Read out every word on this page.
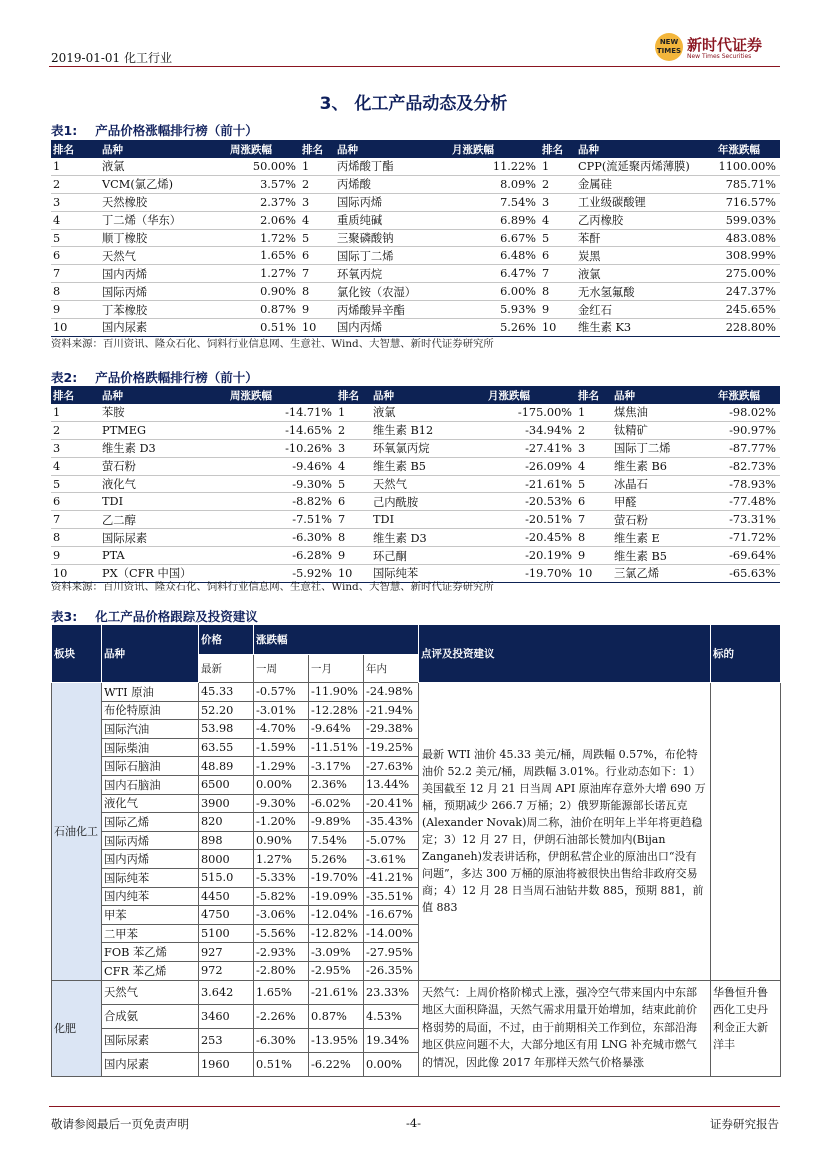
2019-01-01 化工行业
NEW TIMES 新时代证券
New Times Securities
3、 化工产品动态及分析
表1: 产品价格涨幅排行榜（前十）
排名	品种	周涨跌幅	排名	品种	月涨跌幅	排名	品种	年涨跌幅
1	液氯	50.00%	1	丙烯酸丁酯	11.22%	1	CPP(流延聚丙烯薄膜)	1100.00%
2	VCM(氯乙烯)	3.57%	2	丙烯酸	8.09%	2	金属硅	785.71%
3	天然橡胶	2.37%	3	国际丙烯	7.54%	3	工业级碳酸锂	716.57%
4	丁二烯（华东）	2.06%	4	重质纯碱	6.89%	4	乙丙橡胶	599.03%
5	顺丁橡胶	1.72%	5	三聚磷酸钠	6.67%	5	苯酐	483.08%
6	天然气	1.65%	6	国际丁二烯	6.48%	6	炭黑	308.99%
7	国内丙烯	1.27%	7	环氧丙烷	6.47%	7	液氯	275.00%
8	国际丙烯	0.90%	8	氯化铵（农湿）	6.00%	8	无水氢氟酸	247.37%
9	丁苯橡胶	0.87%	9	丙烯酸异辛酯	5.93%	9	金红石	245.65%
10	国内尿素	0.51%	10	国内丙烯	5.26%	10	维生素 K3	228.80%
资料来源：百川资讯、隆众石化、饲料行业信息网、生意社、Wind、大智慧、新时代证券研究所
表2: 产品价格跌幅排行榜（前十）
排名	品种	周涨跌幅	排名	品种	月涨跌幅	排名	品种	年涨跌幅
1	苯胺	-14.71%	1	液氯	-175.00%	1	煤焦油	-98.02%
2	PTMEG	-14.65%	2	维生素 B12	-34.94%	2	钛精矿	-90.97%
3	维生素 D3	-10.26%	3	环氧氯丙烷	-27.41%	3	国际丁二烯	-87.77%
4	萤石粉	-9.46%	4	维生素 B5	-26.09%	4	维生素 B6	-82.73%
5	液化气	-9.30%	5	天然气	-21.61%	5	冰晶石	-78.93%
6	TDI	-8.82%	6	己内酰胺	-20.53%	6	甲醛	-77.48%
7	乙二醇	-7.51%	7	TDI	-20.51%	7	萤石粉	-73.31%
8	国际尿素	-6.30%	8	维生素 D3	-20.45%	8	维生素 E	-71.72%
9	PTA	-6.28%	9	环己酮	-20.19%	9	维生素 B5	-69.64%
10	PX（CFR 中国）	-5.92%	10	国际纯苯	-19.70%	10	三氯乙烯	-65.63%
资料来源：百川资讯、隆众石化、饲料行业信息网、生意社、Wind、大智慧、新时代证券研究所
表3: 化工产品价格跟踪及投资建议
板块	品种	价格	涨跌幅			点评及投资建议	标的
		最新	一周	一月	年内		
石油化工	WTI 原油	45.33	-0.57%	-11.90%	-24.98%	最新 WTI 油价 45.33 美元/桶，周跌幅 0.57%，布伦特油价 52.2 美元/桶，周跌幅 3.01%。行业动态如下：1）美国截至 12 月 21 日当周 API 原油库存意外大增 690 万桶，预期减少 266.7 万桶；2）俄罗斯能源部长诺瓦克(Alexander Novak)周二称，油价在明年上半年将更趋稳定；3）12 月 27 日，伊朗石油部长赞加内(Bijan Zanganeh)发表讲话称，伊朗私营企业的原油出口“没有问题”，多达 300 万桶的原油将被很快出售给非政府交易商；4）12 月 28 日当周石油钻井数 885，预期 881，前值 883	
	布伦特原油	52.20	-3.01%	-12.28%	-21.94%		
	国际汽油	53.98	-4.70%	-9.64%	-29.38%		
	国际柴油	63.55	-1.59%	-11.51%	-19.25%		
	国际石脑油	48.89	-1.29%	-3.17%	-27.63%		
	国内石脑油	6500	0.00%	2.36%	13.44%		
	液化气	3900	-9.30%	-6.02%	-20.41%		
	国际乙烯	820	-1.20%	-9.89%	-35.43%		
	国际丙烯	898	0.90%	7.54%	-5.07%		
	国内丙烯	8000	1.27%	5.26%	-3.61%		
	国际纯苯	515.0	-5.33%	-19.70%	-41.21%		
	国内纯苯	4450	-5.82%	-19.09%	-35.51%		
	甲苯	4750	-3.06%	-12.04%	-16.67%		
	二甲苯	5100	-5.56%	-12.82%	-14.00%		
	FOB 苯乙烯	927	-2.93%	-3.09%	-27.95%		
	CFR 苯乙烯	972	-2.80%	-2.95%	-26.35%		
化肥	天然气	3.642	1.65%	-21.61%	23.33%	天然气：上周价格阶梯式上涨，强冷空气带来国内中东部地区大面积降温，天然气需求用量开始增加，结束此前价格弱势的局面，不过，由于前期相关工作到位，东部沿海地区供应问题不大，大部分地区有用 LNG 补充城市燃气的情况，因此像 2017 年那样天然气价格暴涨	华鲁恒升鲁西化工史丹利金正大新洋丰
	合成氨	3460	-2.26%	0.87%	4.53%		
	国际尿素	253	-6.30%	-13.95%	19.34%		
	国内尿素	1960	0.51%	-6.22%	0.00%		
敬请参阅最后一页免责声明	-4-	证券研究报告
